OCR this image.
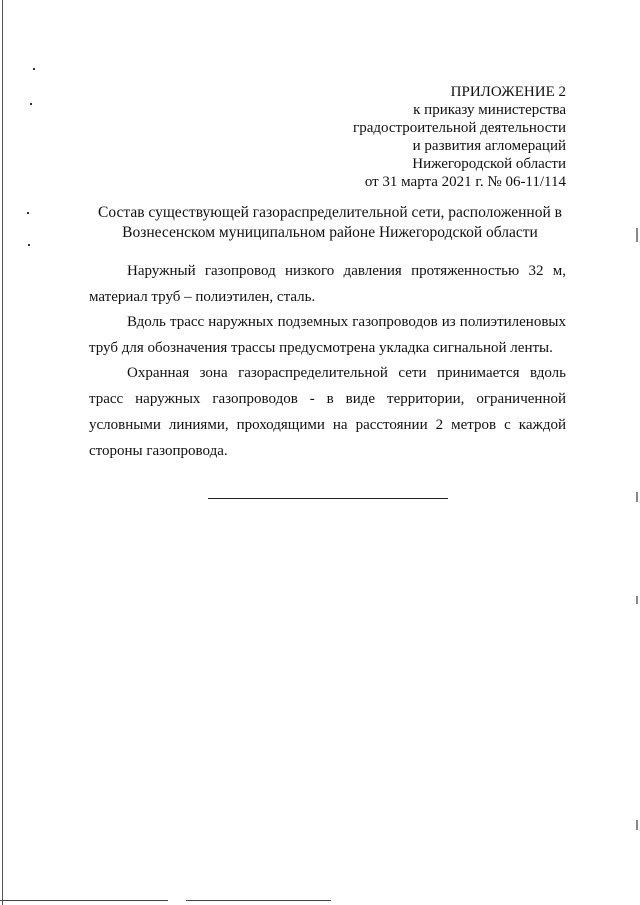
ПРИЛОЖЕНИЕ 2
к приказу министерства
градостроительной деятельности
и развития агломераций
Нижегородской области
от 31 марта 2021 г. № 06-11/114
Состав существующей газораспределительной сети, расположенной в
Вознесенском муниципальном районе Нижегородской области
Наружный газопровод низкого давления протяженностью 32 м, материал труб – полиэтилен, сталь.
Вдоль трасс наружных подземных газопроводов из полиэтиленовых труб для обозначения трассы предусмотрена укладка сигнальной ленты.
Охранная зона газораспределительной сети принимается вдоль трасс наружных газопроводов - в виде территории, ограниченной условными линиями, проходящими на расстоянии 2 метров с каждой стороны газопровода.
